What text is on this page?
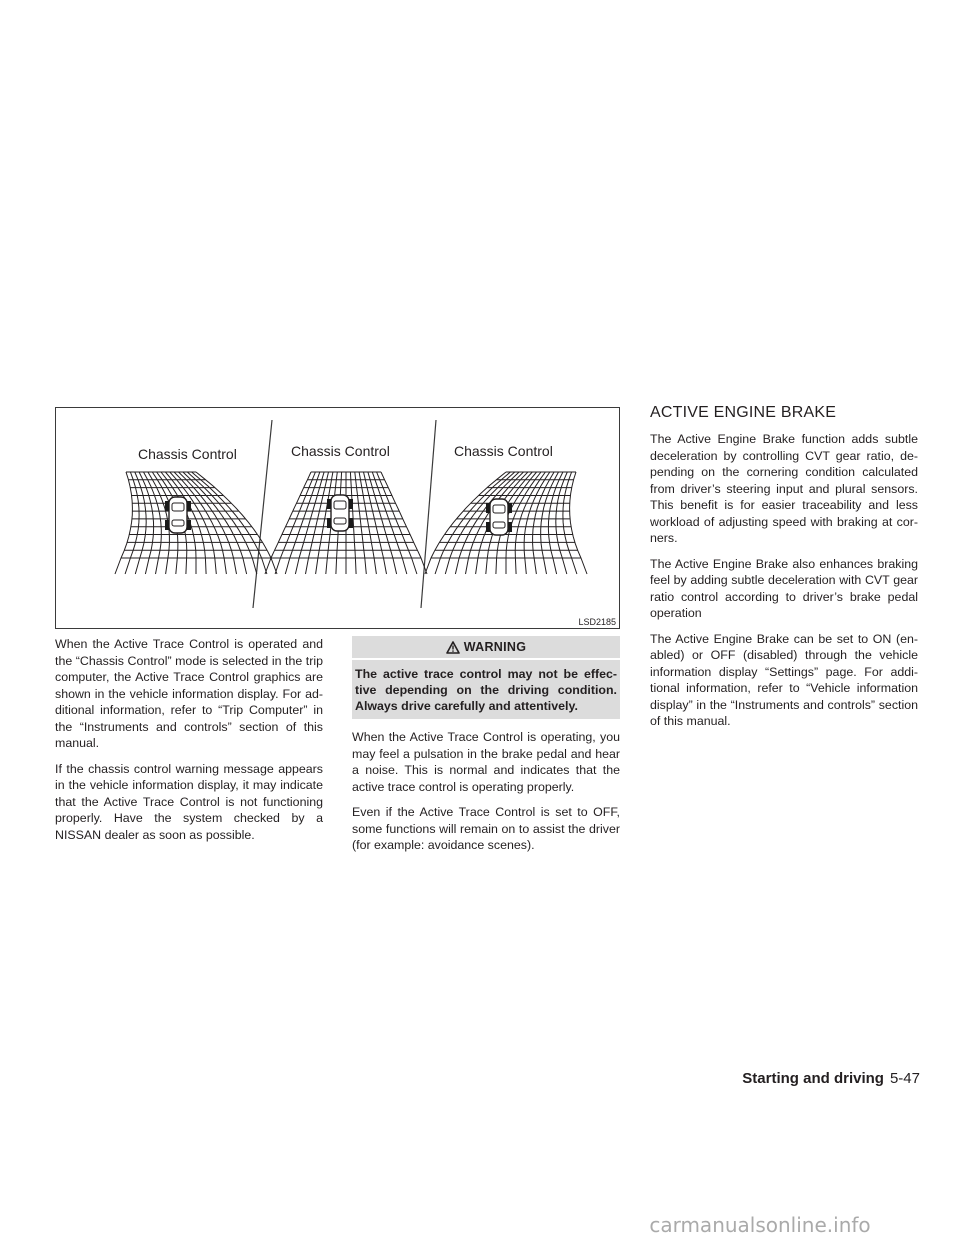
Chassis Control	Chassis Control	Chassis Control
LSD2185

When the Active Trace Control is operated and the “Chassis Control” mode is selected in the trip computer, the Active Trace Control graphics are shown in the vehicle information display. For ad-ditional information, refer to “Trip Computer” in the “Instruments and controls” section of this manual.

If the chassis control warning message appears in the vehicle information display, it may indicate that the Active Trace Control is not functioning properly. Have the system checked by a NISSAN dealer as soon as possible.

WARNING
The active trace control may not be effec-tive depending on the driving condition. Always drive carefully and attentively.

When the Active Trace Control is operating, you may feel a pulsation in the brake pedal and hear a noise. This is normal and indicates that the active trace control is operating properly.

Even if the Active Trace Control is set to OFF, some functions will remain on to assist the driver (for example: avoidance scenes).

ACTIVE ENGINE BRAKE

The Active Engine Brake function adds subtle deceleration by controlling CVT gear ratio, de-pending on the cornering condition calculated from driver’s steering input and plural sensors. This benefit is for easier traceability and less workload of adjusting speed with braking at cor-ners.

The Active Engine Brake also enhances braking feel by adding subtle deceleration with CVT gear ratio control according to driver’s brake pedal operation

The Active Engine Brake can be set to ON (en-abled) or OFF (disabled) through the vehicle information display “Settings” page. For addi-tional information, refer to “Vehicle information display” in the “Instruments and controls” section of this manual.

Starting and driving 5-47
carmanualsonline.info
